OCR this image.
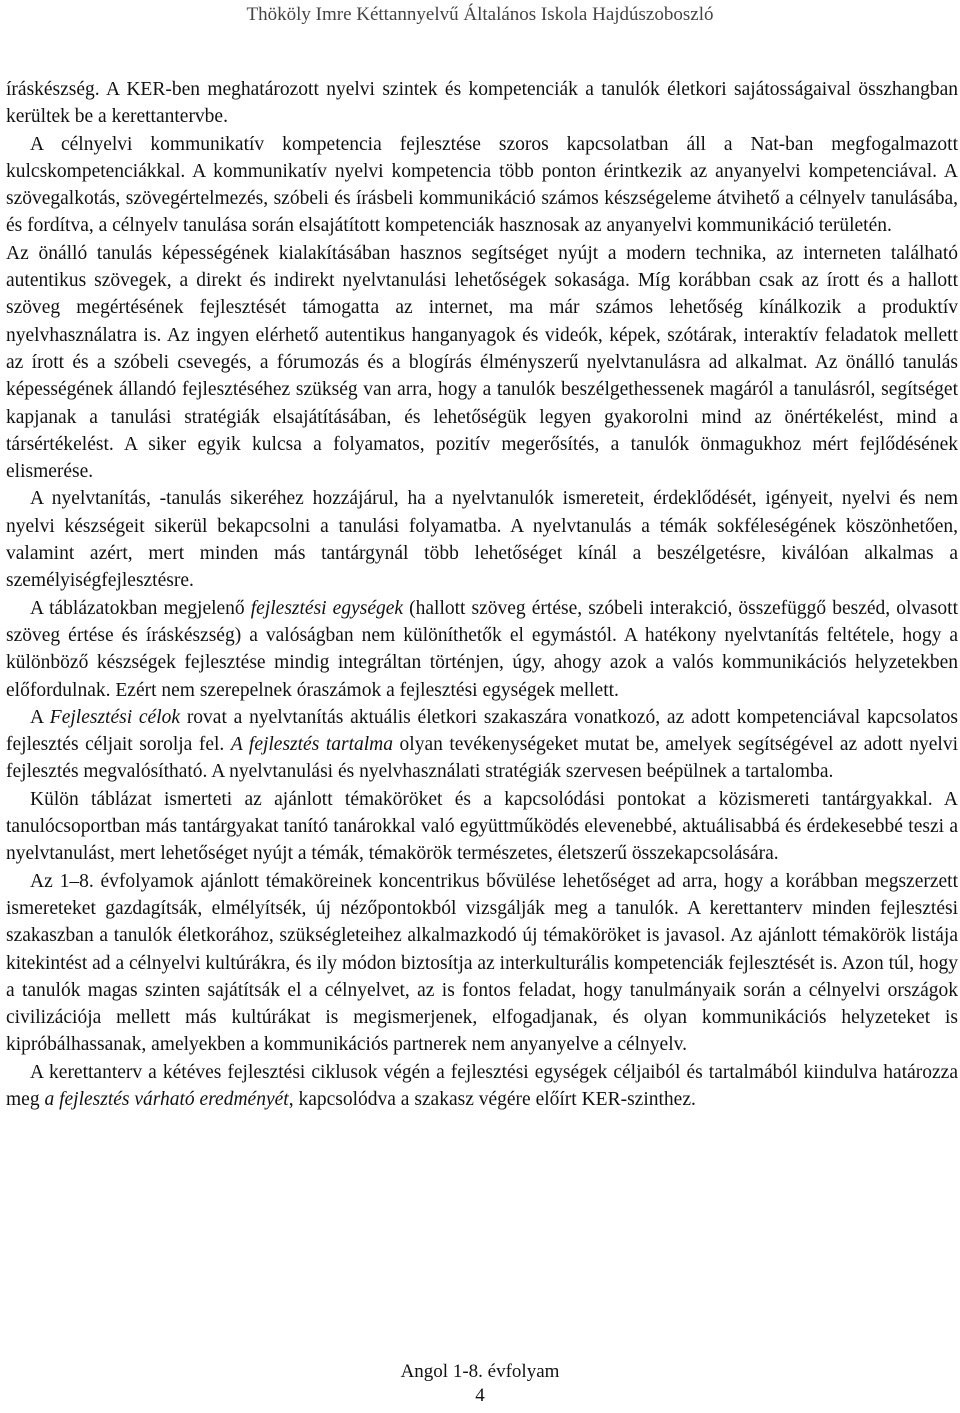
Thököly Imre Kéttannyelvű Általános Iskola Hajdúszoboszló

íráskészség. A KER-ben meghatározott nyelvi szintek és kompetenciák a tanulók életkori sajátosságaival összhangban kerültek be a kerettantervbe.

A célnyelvi kommunikatív kompetencia fejlesztése szoros kapcsolatban áll a Nat-ban megfogalmazott kulcskompetenciákkal. A kommunikatív nyelvi kompetencia több ponton érintkezik az anyanyelvi kompetenciával. A szövegalkotás, szövegértelmezés, szóbeli és írásbeli kommunikáció számos készségeleme átvihető a célnyelv tanulásába, és fordítva, a célnyelv tanulása során elsajátított kompetenciák hasznosak az anyanyelvi kommunikáció területén.

Az önálló tanulás képességének kialakításában hasznos segítséget nyújt a modern technika, az interneten található autentikus szövegek, a direkt és indirekt nyelvtanulási lehetőségek sokasága. Míg korábban csak az írott és a hallott szöveg megértésének fejlesztését támogatta az internet, ma már számos lehetőség kínálkozik a produktív nyelvhasználatra is. Az ingyen elérhető autentikus hanganyagok és videók, képek, szótárak, interaktív feladatok mellett az írott és a szóbeli csevegés, a fórumozás és a blogírás élményszerű nyelvtanulásra ad alkalmat. Az önálló tanulás képességének állandó fejlesztéséhez szükség van arra, hogy a tanulók beszélgethessenek magáról a tanulásról, segítséget kapjanak a tanulási stratégiák elsajátításában, és lehetőségük legyen gyakorolni mind az önértékelést, mind a társértékelést. A siker egyik kulcsa a folyamatos, pozitív megerősítés, a tanulók önmagukhoz mért fejlődésének elismerése.

A nyelvtanítás, -tanulás sikeréhez hozzájárul, ha a nyelvtanulók ismereteit, érdeklődését, igényeit, nyelvi és nem nyelvi készségeit sikerül bekapcsolni a tanulási folyamatba. A nyelvtanulás a témák sokféleségének köszönhetően, valamint azért, mert minden más tantárgynál több lehetőséget kínál a beszélgetésre, kiválóan alkalmas a személyiségfejlesztésre.

A táblázatokban megjelenő fejlesztési egységek (hallott szöveg értése, szóbeli interakció, összefüggő beszéd, olvasott szöveg értése és íráskészség) a valóságban nem különíthetők el egymástól. A hatékony nyelvtanítás feltétele, hogy a különböző készségek fejlesztése mindig integráltan történjen, úgy, ahogy azok a valós kommunikációs helyzetekben előfordulnak. Ezért nem szerepelnek óraszámok a fejlesztési egységek mellett.

A Fejlesztési célok rovat a nyelvtanítás aktuális életkori szakaszára vonatkozó, az adott kompetenciával kapcsolatos fejlesztés céljait sorolja fel. A fejlesztés tartalma olyan tevékenységeket mutat be, amelyek segítségével az adott nyelvi fejlesztés megvalósítható. A nyelvtanulási és nyelvhasználati stratégiák szervesen beépülnek a tartalomba.

Külön táblázat ismerteti az ajánlott témaköröket és a kapcsolódási pontokat a közismereti tantárgyakkal. A tanulócsoportban más tantárgyakat tanító tanárokkal való együttműködés elevenebbé, aktuálisabbá és érdekesebbé teszi a nyelvtanulást, mert lehetőséget nyújt a témák, témakörök természetes, életszerű összekapcsolására.

Az 1–8. évfolyamok ajánlott témaköreinek koncentrikus bővülése lehetőséget ad arra, hogy a korábban megszerzett ismereteket gazdagítsák, elmélyítsék, új nézőpontokból vizsgálják meg a tanulók. A kerettanterv minden fejlesztési szakaszban a tanulók életkorához, szükségleteihez alkalmazkodó új témaköröket is javasol. Az ajánlott témakörök listája kitekintést ad a célnyelvi kultúrákra, és ily módon biztosítja az interkulturális kompetenciák fejlesztését is. Azon túl, hogy a tanulók magas szinten sajátítsák el a célnyelvet, az is fontos feladat, hogy tanulmányaik során a célnyelvi országok civilizációja mellett más kultúrákat is megismerjenek, elfogadjanak, és olyan kommunikációs helyzeteket is kipróbálhassanak, amelyekben a kommunikációs partnerek nem anyanyelve a célnyelv.

A kerettanterv a kétéves fejlesztési ciklusok végén a fejlesztési egységek céljaiból és tartalmából kiindulva határozza meg a fejlesztés várható eredményét, kapcsolódva a szakasz végére előírt KER-szinthez.

Angol 1-8. évfolyam
4
